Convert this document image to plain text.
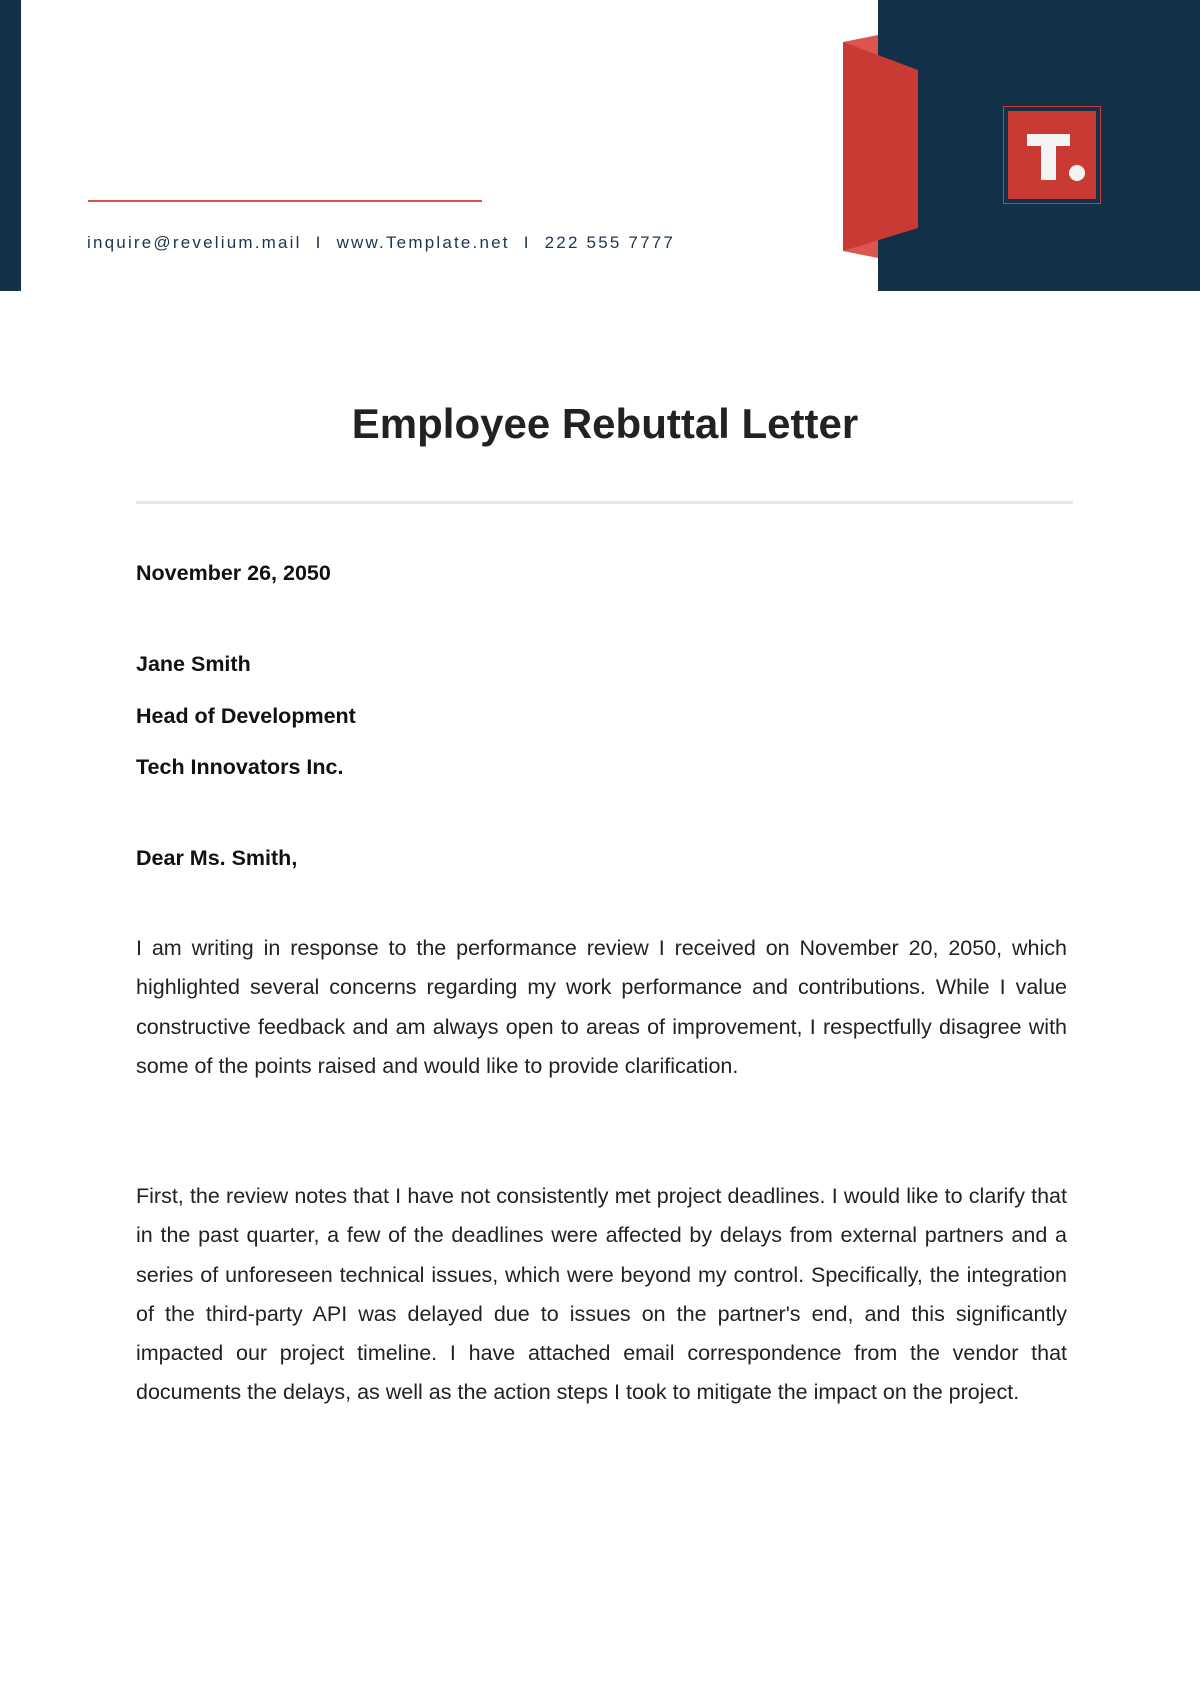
inquire@revelium.mail I www.Template.net I 222 555 7777
Employee Rebuttal Letter
November 26, 2050
Jane Smith
Head of Development
Tech Innovators Inc.
Dear Ms. Smith,

I am writing in response to the performance review I received on November 20, 2050, which highlighted several concerns regarding my work performance and contributions. While I value constructive feedback and am always open to areas of improvement, I respectfully disagree with some of the points raised and would like to provide clarification.

First, the review notes that I have not consistently met project deadlines. I would like to clarify that in the past quarter, a few of the deadlines were affected by delays from external partners and a series of unforeseen technical issues, which were beyond my control. Specifically, the integration of the third-party API was delayed due to issues on the partner's end, and this significantly impacted our project timeline. I have attached email correspondence from the vendor that documents the delays, as well as the action steps I took to mitigate the impact on the project.
